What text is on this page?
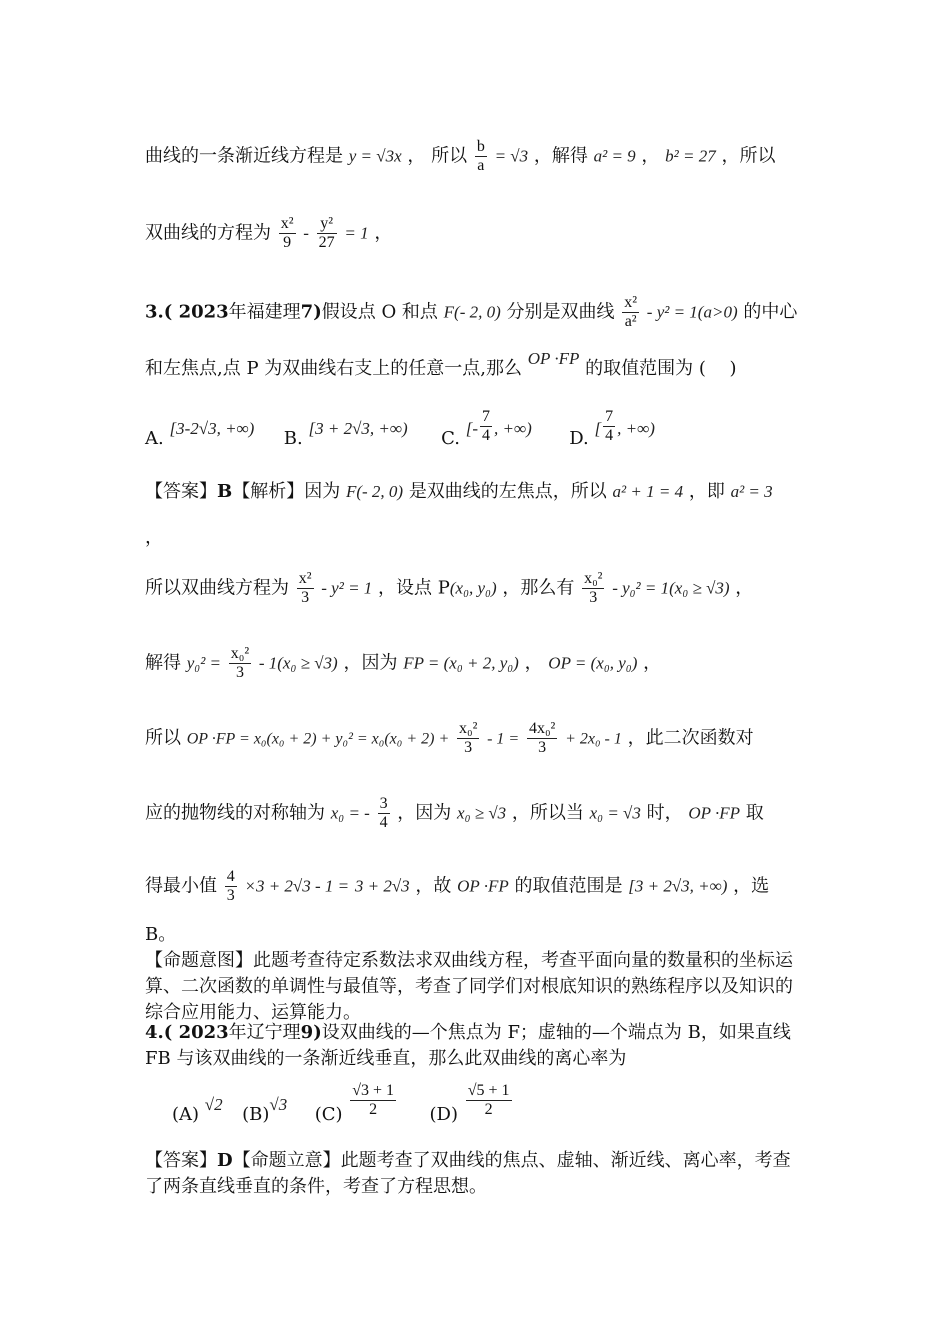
曲线的一条渐近线方程是 y = √3x ， 所以 $\frac{b}{a} = √3$ ，解得 a² = 9 ， b² = 27 ，所以
双曲线的方程为 $\frac{\text{x²}}{9} - \frac{\text{y²}}{27} = 1$ ，
3.( 2023年福建理7)假设点 O 和点 F(- 2, 0) 分别是双曲线 $\frac{\text{x²}}{\text{a²}} - y^2 = 1(a>0)$ 的中心
和左焦点,点 P 为双曲线右支上的任意一点,那么 OP ·FP 的取值范围为 (　 )
A. [3-2√3, +∞) B. [3 + 2√3, +∞) C. [- $\frac{7}{4}$ , +∞) D. [ $\frac{7}{4}$ , +∞)
【答案】B【解析】因为 F(- 2, 0) 是双曲线的左焦点，所以 a² + 1 = 4 ，即 a² = 3
，
所以双曲线方程为 $\frac{\text{x²}}{3} - y^2 = 1$ ，设点 P(x₀, y₀) ，那么有 $\frac{\text{x₀²}}{3} - y_0^2 = 1(x_0 \ge √3)$ ，
解得 $y_0^2 = \frac{\text{x₀²}}{3} - 1(x_0 \ge √3)$ ，因为 FP = (x₀ + 2, y₀) ， OP = (x₀, y₀) ，
所以 OP $\cdot FP = x_0(x_0 + 2) + y_0^2 = x_0(x_0 + 2) + \frac{\text{x₀²}}{3} - 1 = \frac{\text{4x₀²}}{3} + 2x_0 - 1$ ，此二次函数对
应的抛物线的对称轴为 x₀ = - $\frac{3}{4}$ ，因为 x₀ ≥ √3 ，所以当 x₀ = √3 时， OP ·FP 取
得最小值 $\frac{4}{3} \times 3 + 2√3 - 1 = 3 + 2√3$ ，故 OP ·FP 的取值范围是 [3 + 2√3, +∞) ，选
B。
【命题意图】此题考查待定系数法求双曲线方程，考查平面向量的数量积的坐标运算、二次函数的单调性与最值等，考查了同学们对根底知识的熟练程序以及知识的综合应用能力、运算能力。
4.( 2023年辽宁理9)设双曲线的—个焦点为 F；虚轴的—个端点为 B，如果直线 FB 与该双曲线的一条渐近线垂直，那么此双曲线的离心率为
(A) √2 (B)√3 $(C) \frac{√3 + 1}{2} (D) \frac{√5 + 1}{2}$
【答案】D【命题立意】此题考查了双曲线的焦点、虚轴、渐近线、离心率，考查了两条直线垂直的条件，考查了方程思想。
